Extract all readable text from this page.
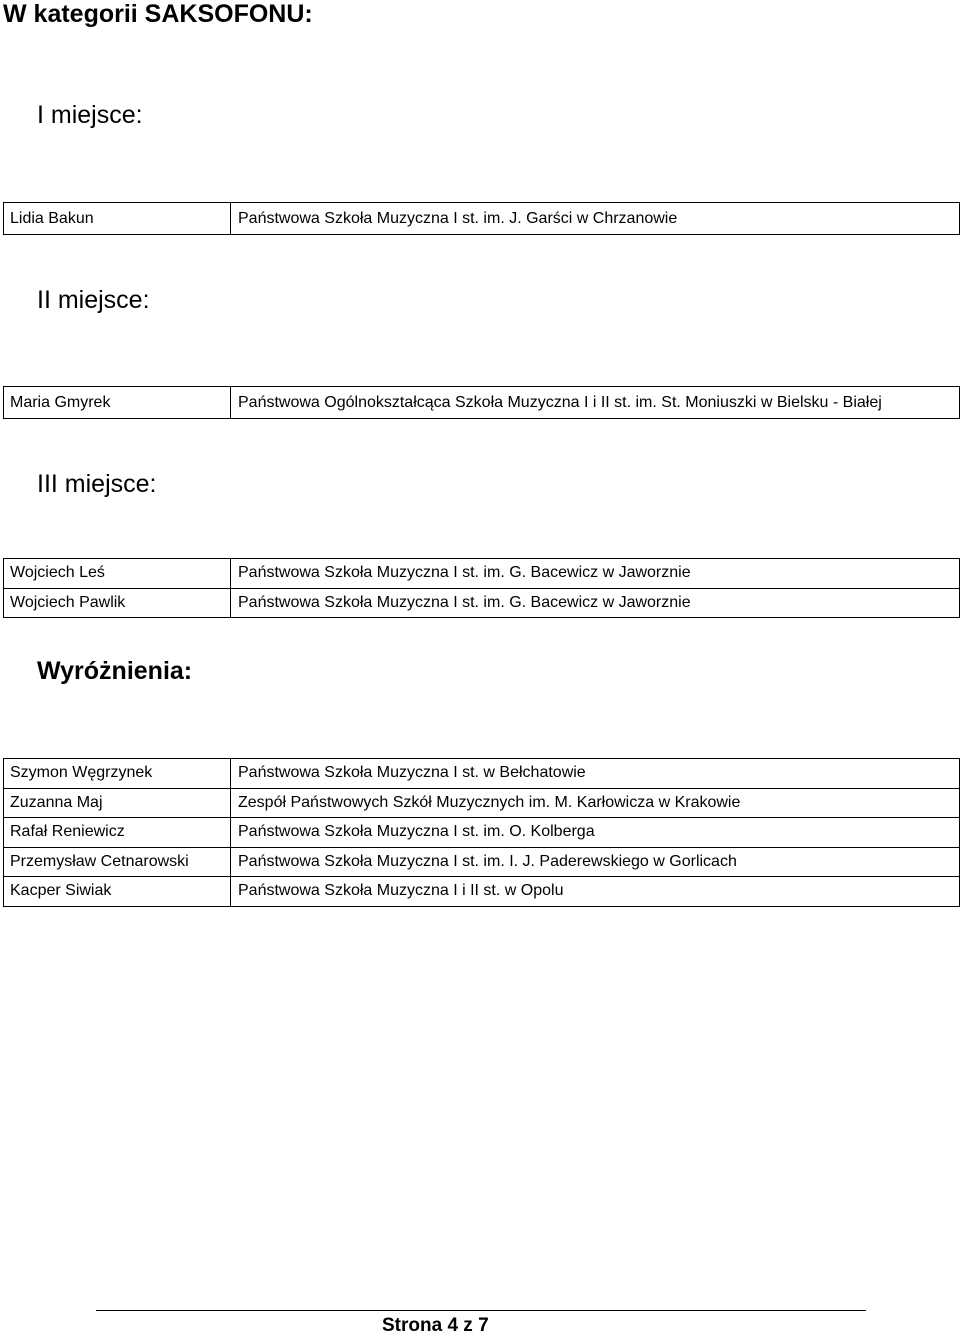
W kategorii SAKSOFONU:
I miejsce:
Lidia Bakun	Państwowa Szkoła Muzyczna I st. im. J. Garści w Chrzanowie
II miejsce:
Maria Gmyrek	Państwowa Ogólnokształcąca Szkoła Muzyczna I i II st. im. St. Moniuszki w Bielsku - Białej
III miejsce:
Wojciech Leś	Państwowa Szkoła Muzyczna I st. im. G. Bacewicz w Jaworznie
Wojciech Pawlik	Państwowa Szkoła Muzyczna I st. im. G. Bacewicz w Jaworznie
Wyróżnienia:
Szymon Węgrzynek	Państwowa Szkoła Muzyczna I st. w Bełchatowie
Zuzanna Maj	Zespół Państwowych Szkół Muzycznych im. M. Karłowicza w Krakowie
Rafał Reniewicz	Państwowa Szkoła Muzyczna I st. im. O. Kolberga
Przemysław Cetnarowski	Państwowa Szkoła Muzyczna I st. im. I. J. Paderewskiego w Gorlicach
Kacper Siwiak	Państwowa Szkoła Muzyczna I i II st. w Opolu
Strona 4 z 7
